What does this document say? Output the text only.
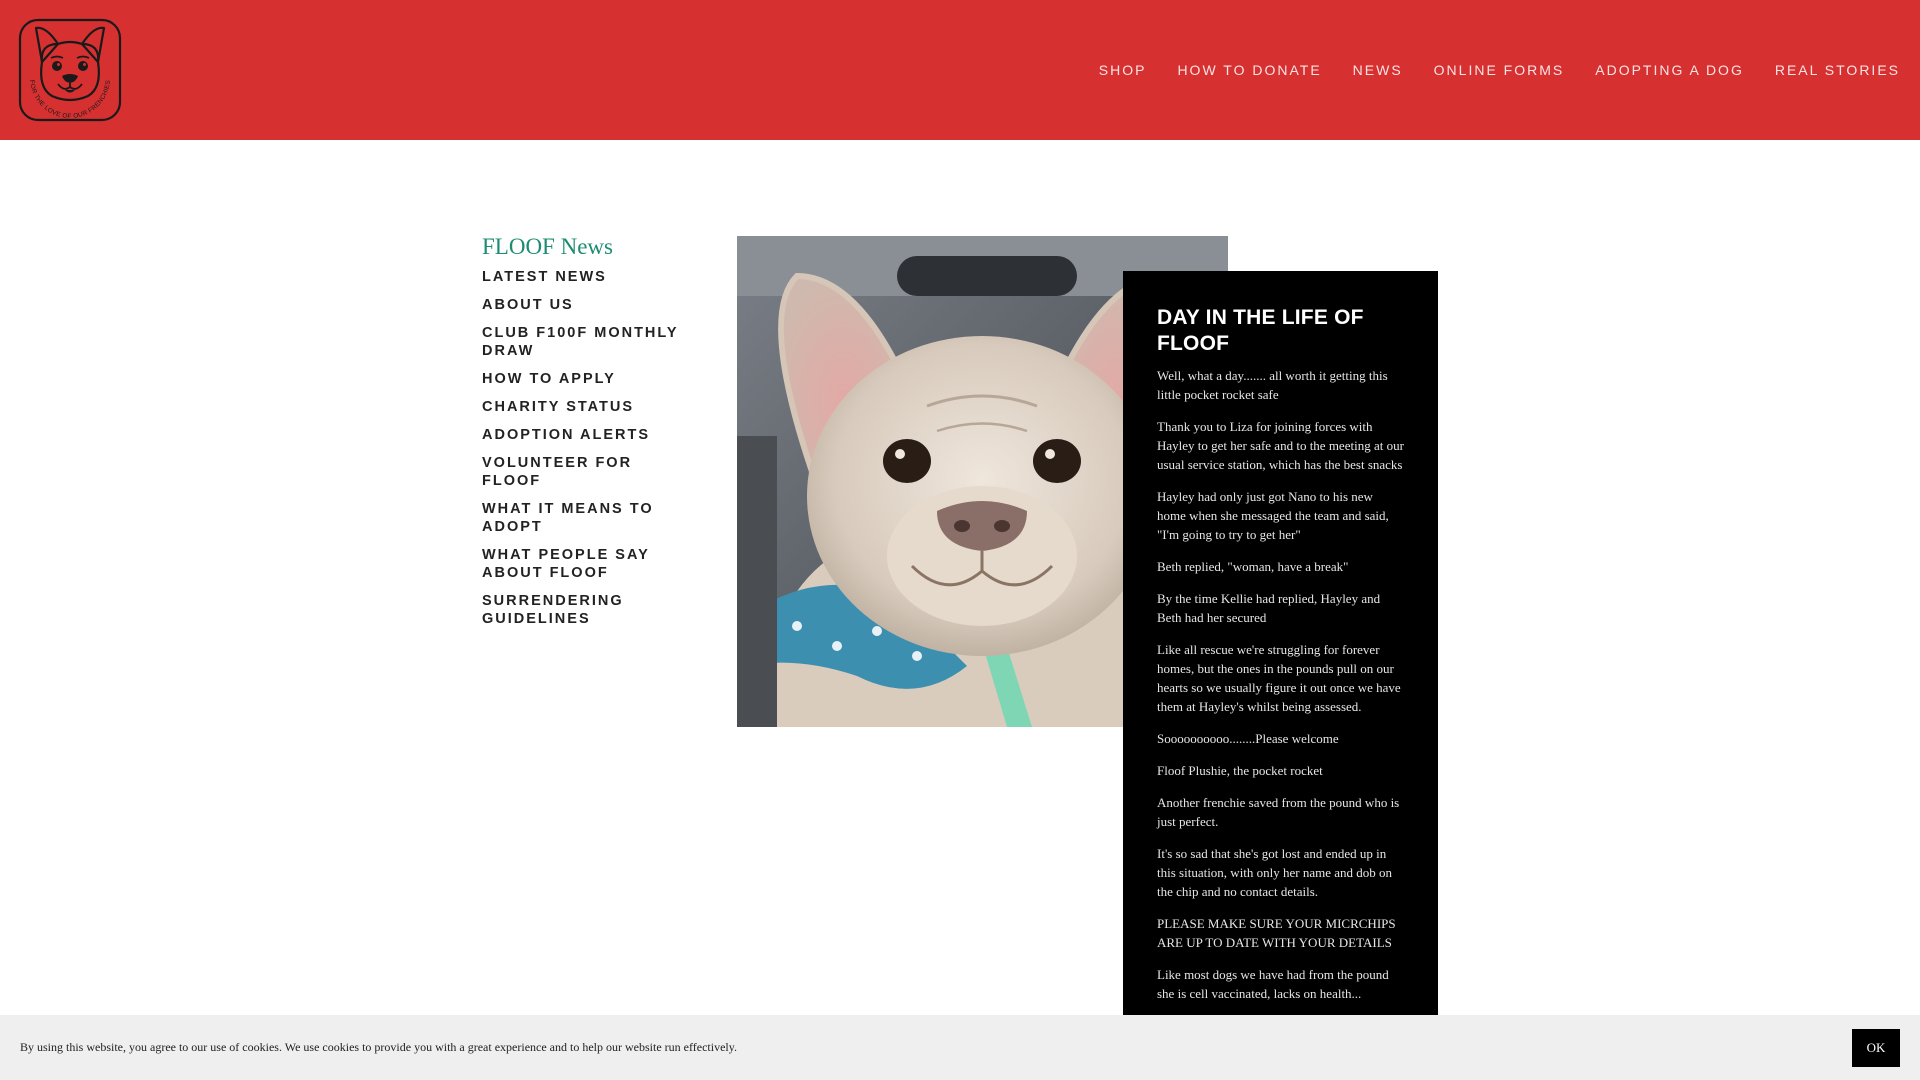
FOR THE LOVE OF OUR FRENCHIES
SHOP HOW TO DONATE NEWS ONLINE FORMS ADOPTING A DOG REAL STORIES
FLOOF News
LATEST NEWS
ABOUT US
CLUB F100F MONTHLY DRAW
HOW TO APPLY
CHARITY STATUS
ADOPTION ALERTS
VOLUNTEER FOR FLOOF
WHAT IT MEANS TO ADOPT
WHAT PEOPLE SAY ABOUT FLOOF
SURRENDERING GUIDELINES
DAY IN THE LIFE OF FLOOF

Well, what a day....... all worth it getting this little pocket rocket safe

Thank you to Liza for joining forces with Hayley to get her safe and to the meeting at our usual service station, which has the best snacks

Hayley had only just got Nano to his new home when she messaged the team and said, "I'm going to try to get her"

Beth replied, "woman, have a break"

By the time Kellie had replied, Hayley and Beth had her secured

Like all rescue we're struggling for forever homes, but the ones in the pounds pull on our hearts so we usually figure it out once we have them at Hayley's whilst being assessed.

Soooooooooo........Please welcome

Floof Plushie, the pocket rocket

Another frenchie saved from the pound who is just perfect.

It's so sad that she's got lost and ended up in this situation, with only her name and dob on the chip and no contact details.

PLEASE MAKE SURE YOUR MICRCHIPS ARE UP TO DATE WITH YOUR DETAILS

Like most dogs we have had from the pound she is cell vaccinated, lacks on health...

By using this website, you agree to our use of cookies. We use cookies to provide you with a great experience and to help our website run effectively.	OK
